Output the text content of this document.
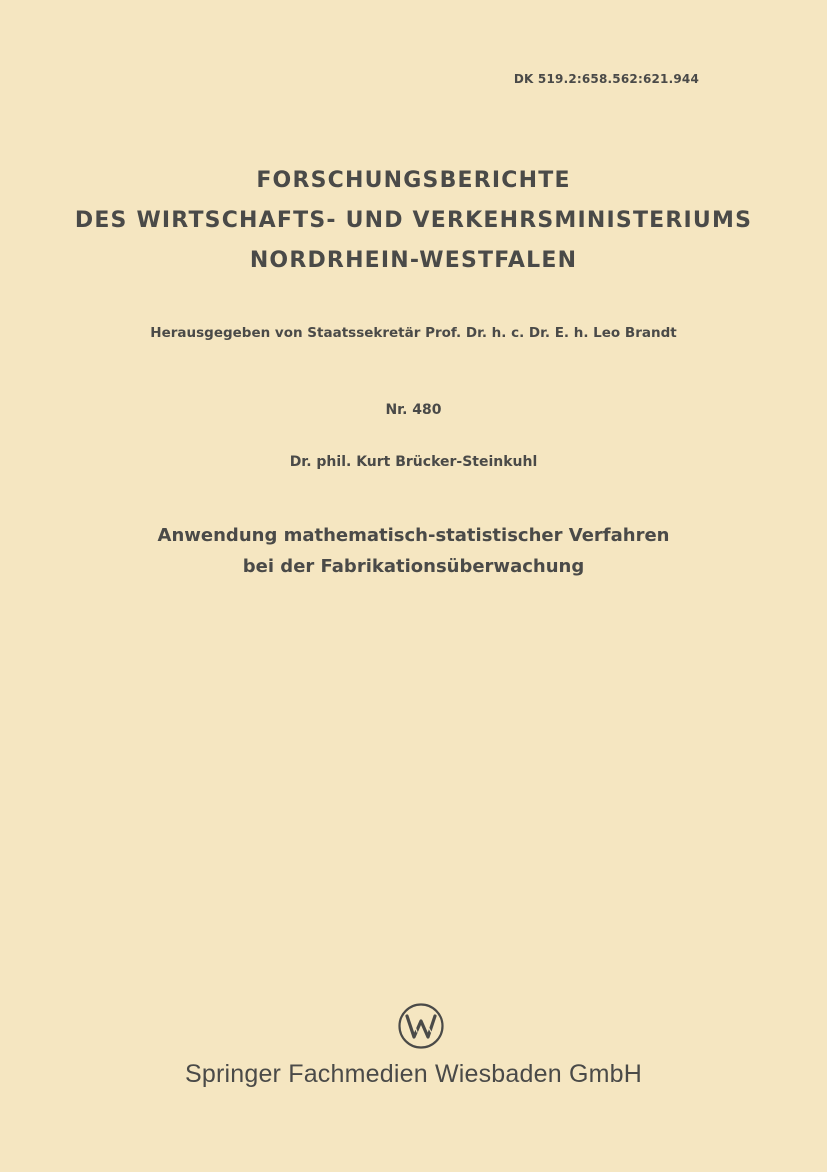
DK 519.2:658.562:621.944
FORSCHUNGSBERICHTE
DES WIRTSCHAFTS- UND VERKEHRSMINISTERIUMS
NORDRHEIN-WESTFALEN
Herausgegeben von Staatssekretär Prof. Dr. h. c. Dr. E. h. Leo Brandt
Nr. 480
Dr. phil. Kurt Brücker-Steinkuhl
Anwendung mathematisch-statistischer Verfahren
bei der Fabrikationsüberwachung
Springer Fachmedien Wiesbaden GmbH
